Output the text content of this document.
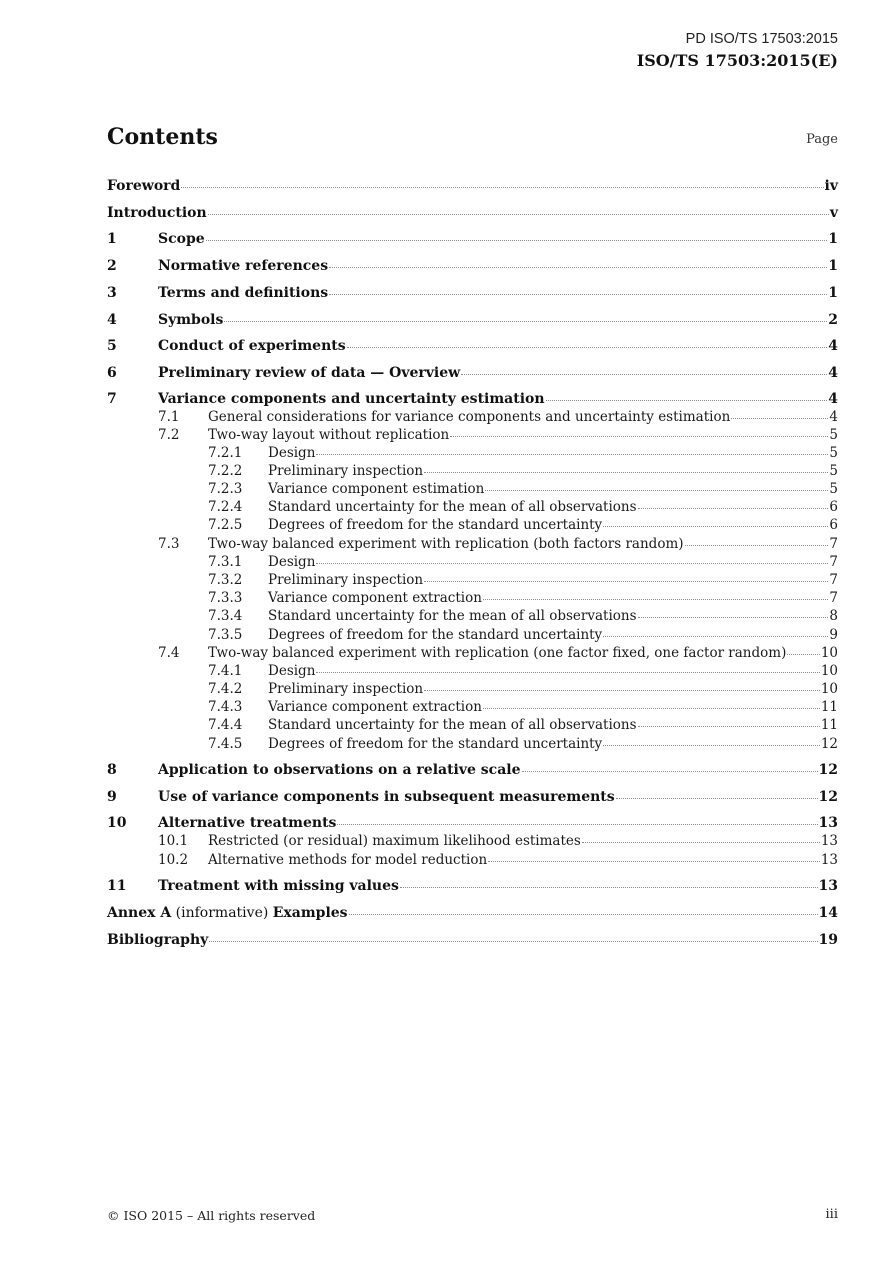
PD ISO/TS 17503:2015
ISO/TS 17503:2015(E)
Contents	Page
Foreword	iv
Introduction	v
1	Scope	1
2	Normative references	1
3	Terms and definitions	1
4	Symbols	2
5	Conduct of experiments	4
6	Preliminary review of data — Overview	4
7	Variance components and uncertainty estimation	4
7.1	General considerations for variance components and uncertainty estimation	4
7.2	Two-way layout without replication	5
7.2.1	Design	5
7.2.2	Preliminary inspection	5
7.2.3	Variance component estimation	5
7.2.4	Standard uncertainty for the mean of all observations	6
7.2.5	Degrees of freedom for the standard uncertainty	6
7.3	Two-way balanced experiment with replication (both factors random)	7
7.3.1	Design	7
7.3.2	Preliminary inspection	7
7.3.3	Variance component extraction	7
7.3.4	Standard uncertainty for the mean of all observations	8
7.3.5	Degrees of freedom for the standard uncertainty	9
7.4	Two-way balanced experiment with replication (one factor fixed, one factor random)	10
7.4.1	Design	10
7.4.2	Preliminary inspection	10
7.4.3	Variance component extraction	11
7.4.4	Standard uncertainty for the mean of all observations	11
7.4.5	Degrees of freedom for the standard uncertainty	12
8	Application to observations on a relative scale	12
9	Use of variance components in subsequent measurements	12
10	Alternative treatments	13
10.1	Restricted (or residual) maximum likelihood estimates	13
10.2	Alternative methods for model reduction	13
11	Treatment with missing values	13
Annex A (informative) Examples	14
Bibliography	19
© ISO 2015 – All rights reserved	iii
